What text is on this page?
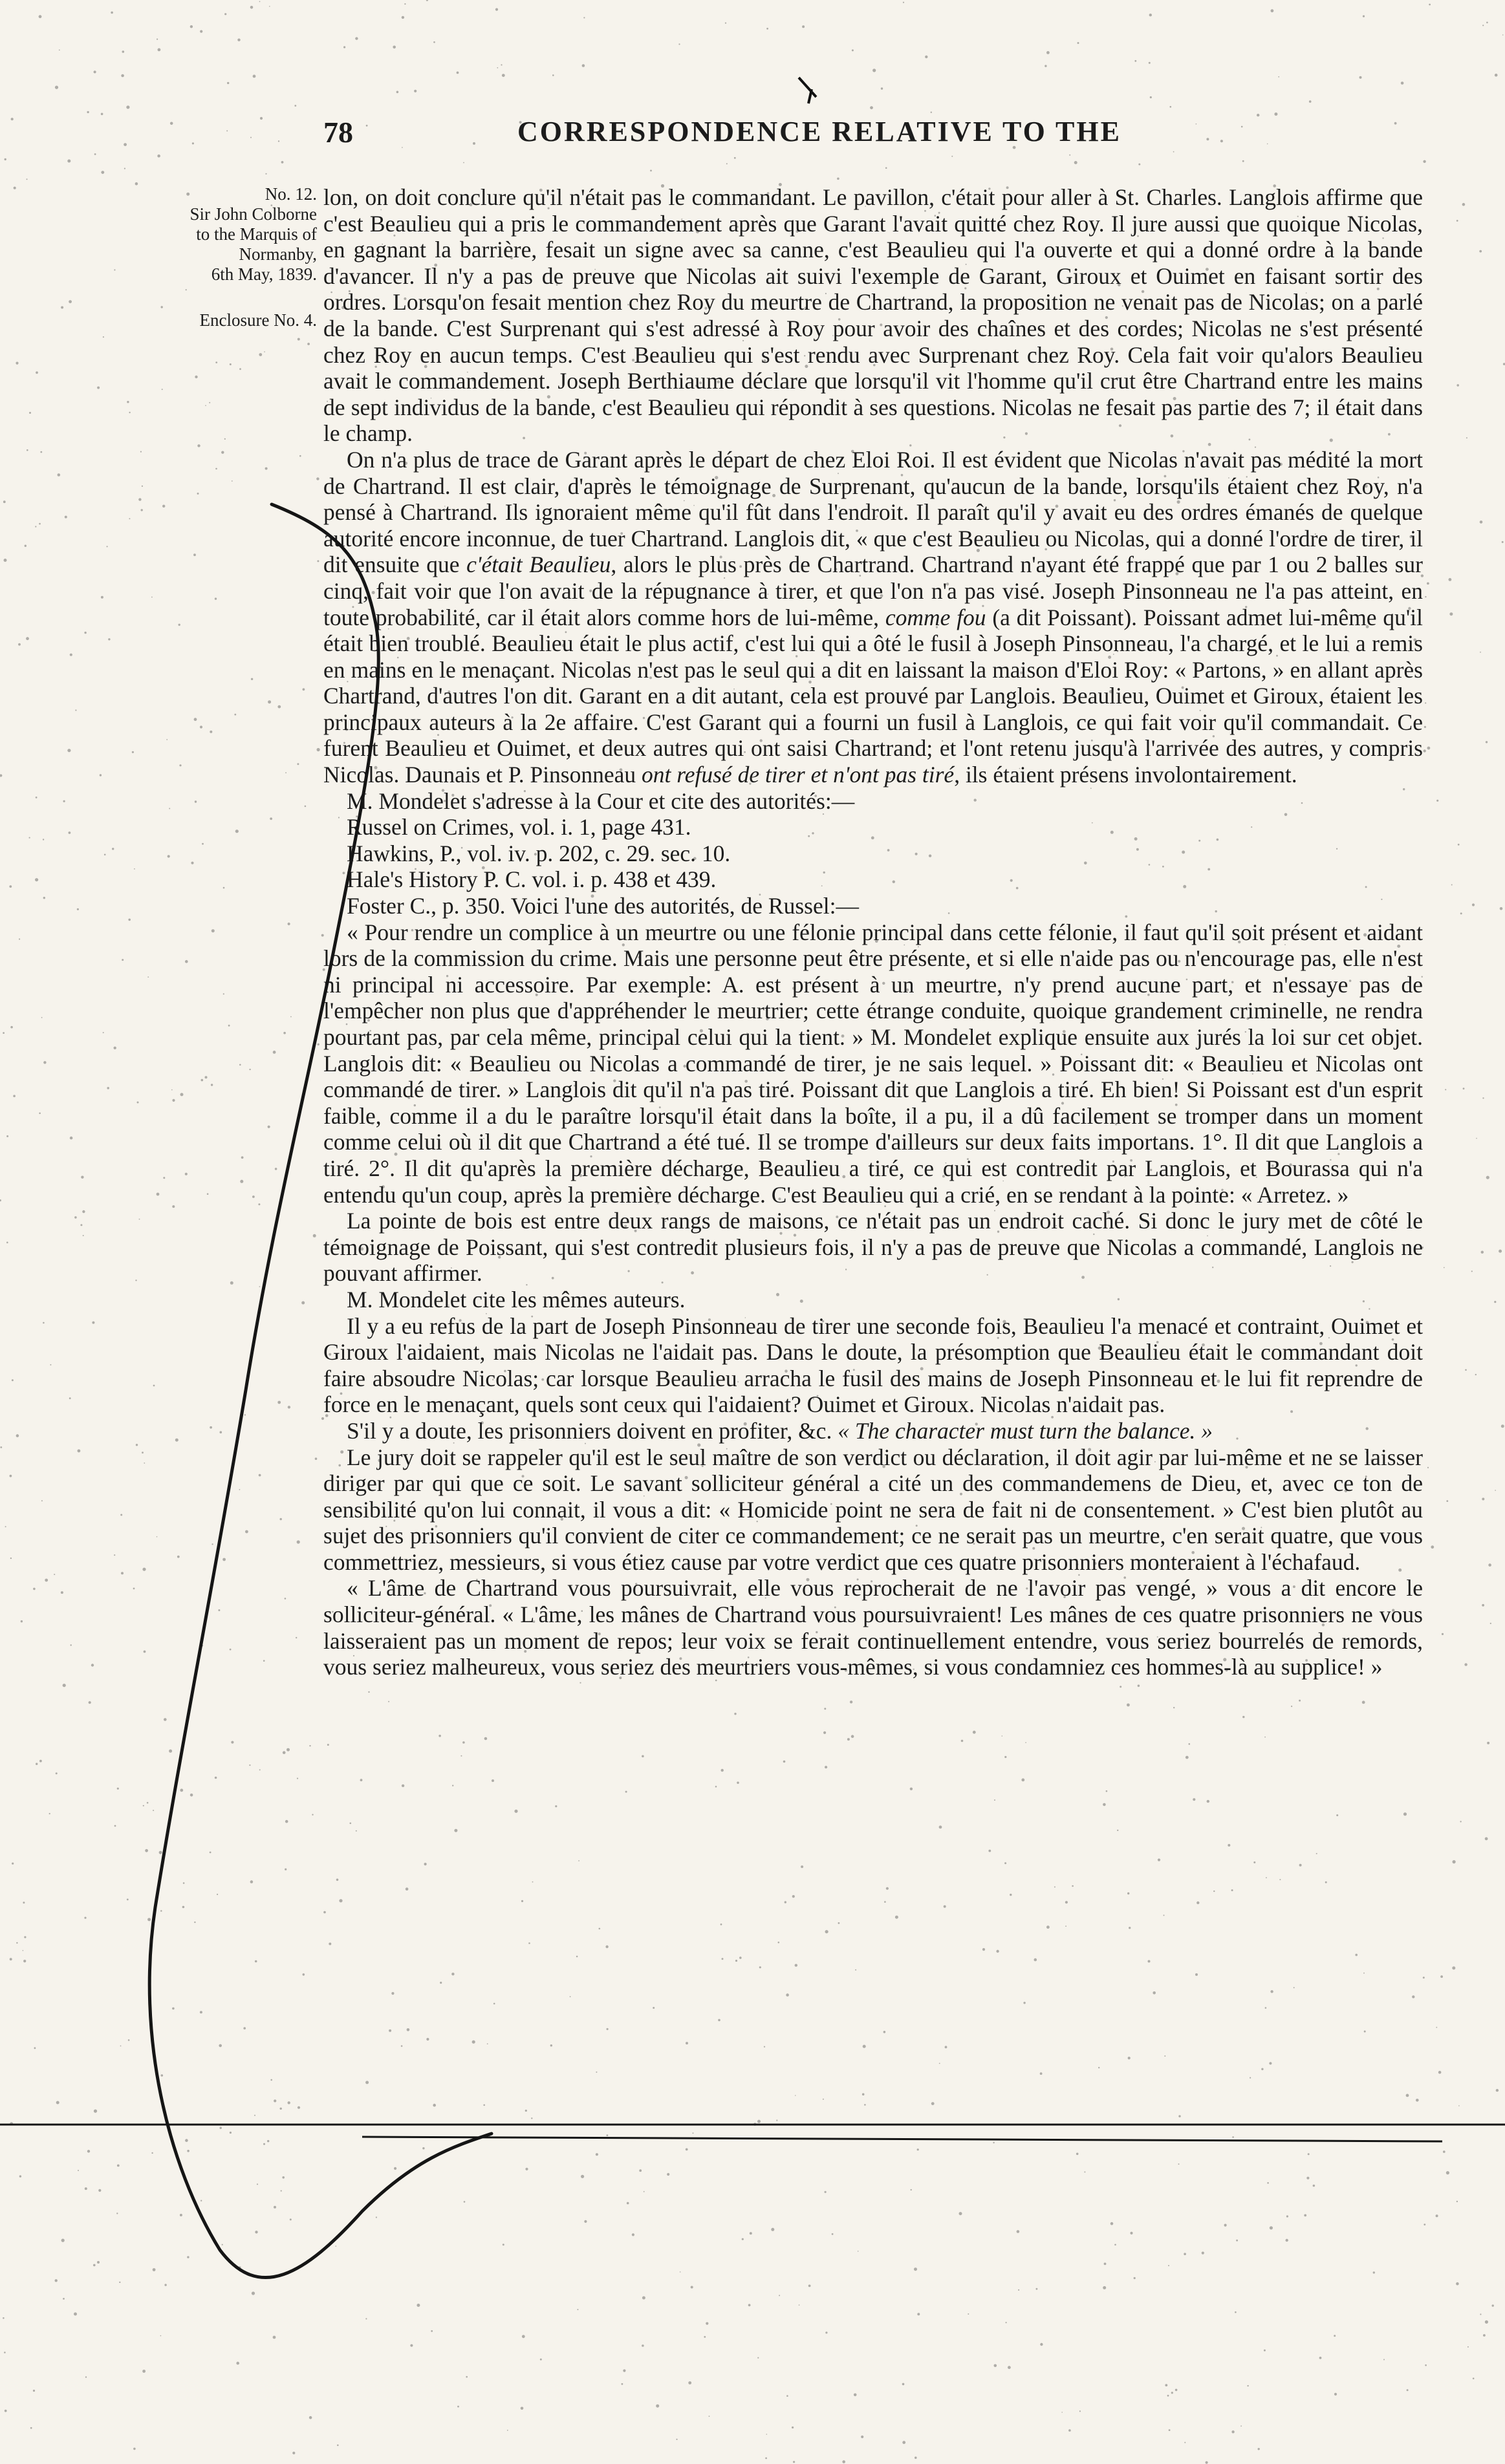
78	CORRESPONDENCE RELATIVE TO THE
No. 12.
Sir John Colborne
to the Marquis of
Normanby,
6th May, 1839.
Enclosure No. 4.

lon, on doit conclure qu'il n'était pas le commandant. Le pavillon, c'était pour aller à St. Charles. Langlois affirme que c'est Beaulieu qui a pris le commandement après que Garant l'avait quitté chez Roy. Il jure aussi que quoique Nicolas, en gagnant la barrière, fesait un signe avec sa canne, c'est Beaulieu qui l'a ouverte et qui a donné ordre à la bande d'avancer. Il n'y a pas de preuve que Nicolas ait suivi l'exemple de Garant, Giroux et Ouimet en faisant sortir des ordres. Lorsqu'on fesait mention chez Roy du meurtre de Chartrand, la proposition ne venait pas de Nicolas; on a parlé de la bande. C'est Surprenant qui s'est adressé à Roy pour avoir des chaînes et des cordes; Nicolas ne s'est présenté chez Roy en aucun temps. C'est Beaulieu qui s'est rendu avec Surprenant chez Roy. Cela fait voir qu'alors Beaulieu avait le commandement. Joseph Berthiaume déclare que lorsqu'il vit l'homme qu'il crut être Chartrand entre les mains de sept individus de la bande, c'est Beaulieu qui répondit à ses questions. Nicolas ne fesait pas partie des 7; il était dans le champ.

On n'a plus de trace de Garant après le départ de chez Eloi Roi. Il est évident que Nicolas n'avait pas médité la mort de Chartrand. Il est clair, d'après le témoignage de Surprenant, qu'aucun de la bande, lorsqu'ils étaient chez Roy, n'a pensé à Chartrand. Ils ignoraient même qu'il fût dans l'endroit. Il paraît qu'il y avait eu des ordres émanés de quelque autorité encore inconnue, de tuer Chartrand. Langlois dit, « que c'est Beaulieu ou Nicolas, qui a donné l'ordre de tirer, il dit ensuite que c'était Beaulieu, alors le plus près de Chartrand. Chartrand n'ayant été frappé que par 1 ou 2 balles sur cinq, fait voir que l'on avait de la répugnance à tirer, et que l'on n'a pas visé. Joseph Pinsonneau ne l'a pas atteint, en toute probabilité, car il était alors comme hors de lui-même, comme fou (a dit Poissant). Poissant admet lui-même qu'il était bien troublé. Beaulieu était le plus actif, c'est lui qui a ôté le fusil à Joseph Pinsonneau, l'a chargé, et le lui a remis en mains en le menaçant. Nicolas n'est pas le seul qui a dit en laissant la maison d'Eloi Roy: « Partons, » en allant après Chartrand, d'autres l'on dit. Garant en a dit autant, cela est prouvé par Langlois. Beaulieu, Ouimet et Giroux, étaient les principaux auteurs à la 2e affaire. C'est Garant qui a fourni un fusil à Langlois, ce qui fait voir qu'il commandait. Ce furent Beaulieu et Ouimet, et deux autres qui ont saisi Chartrand; et l'ont retenu jusqu'à l'arrivée des autres, y compris Nicolas. Daunais et P. Pinsonneau ont refusé de tirer et n'ont pas tiré, ils étaient présens involontairement.

M. Mondelet s'adresse à la Cour et cite des autorités:—

Russel on Crimes, vol. i. 1, page 431.

Hawkins, P., vol. iv. p. 202, c. 29. sec. 10.

Hale's History P. C. vol. i. p. 438 et 439.

Foster C., p. 350. Voici l'une des autorités, de Russel:—

« Pour rendre un complice à un meurtre ou une félonie principal dans cette félonie, il faut qu'il soit présent et aidant lors de la commission du crime. Mais une personne peut être présente, et si elle n'aide pas ou n'encourage pas, elle n'est ni principal ni accessoire. Par exemple: A. est présent à un meurtre, n'y prend aucune part, et n'essaye pas de l'empêcher non plus que d'appréhender le meurtrier; cette étrange conduite, quoique grandement criminelle, ne rendra pourtant pas, par cela même, principal celui qui la tient. » M. Mondelet explique ensuite aux jurés la loi sur cet objet. Langlois dit: « Beaulieu ou Nicolas a commandé de tirer, je ne sais lequel. » Poissant dit: « Beaulieu et Nicolas ont commandé de tirer. » Langlois dit qu'il n'a pas tiré. Poissant dit que Langlois a tiré. Eh bien! Si Poissant est d'un esprit faible, comme il a du le paraître lorsqu'il était dans la boîte, il a pu, il a dû facilement se tromper dans un moment comme celui où il dit que Chartrand a été tué. Il se trompe d'ailleurs sur deux faits importans. 1°. Il dit que Langlois a tiré. 2°. Il dit qu'après la première décharge, Beaulieu a tiré, ce qui est contredit par Langlois, et Bourassa qui n'a entendu qu'un coup, après la première décharge. C'est Beaulieu qui a crié, en se rendant à la pointe: « Arretez. »

La pointe de bois est entre deux rangs de maisons, ce n'était pas un endroit caché. Si donc le jury met de côté le témoignage de Poissant, qui s'est contredit plusieurs fois, il n'y a pas de preuve que Nicolas a commandé, Langlois ne pouvant affirmer.

M. Mondelet cite les mêmes auteurs.

Il y a eu refus de la part de Joseph Pinsonneau de tirer une seconde fois, Beaulieu l'a menacé et contraint, Ouimet et Giroux l'aidaient, mais Nicolas ne l'aidait pas. Dans le doute, la présomption que Beaulieu était le commandant doit faire absoudre Nicolas; car lorsque Beaulieu arracha le fusil des mains de Joseph Pinsonneau et le lui fit reprendre de force en le menaçant, quels sont ceux qui l'aidaient? Ouimet et Giroux. Nicolas n'aidait pas.

S'il y a doute, les prisonniers doivent en profiter, &c. « The character must turn the balance. »

Le jury doit se rappeler qu'il est le seul maître de son verdict ou déclaration, il doit agir par lui-même et ne se laisser diriger par qui que ce soit. Le savant solliciteur général a cité un des commandemens de Dieu, et, avec ce ton de sensibilité qu'on lui connait, il vous a dit: « Homicide point ne sera de fait ni de consentement. » C'est bien plutôt au sujet des prisonniers qu'il convient de citer ce commandement; ce ne serait pas un meurtre, c'en serait quatre, que vous commettriez, messieurs, si vous étiez cause par votre verdict que ces quatre prisonniers monteraient à l'échafaud.

« L'âme de Chartrand vous poursuivrait, elle vous reprocherait de ne l'avoir pas vengé, » vous a dit encore le solliciteur-général. « L'âme, les mânes de Chartrand vous poursuivraient! Les mânes de ces quatre prisonniers ne vous laisseraient pas un moment de repos; leur voix se ferait continuellement entendre, vous seriez bourrelés de remords, vous seriez malheureux, vous seriez des meurtriers vous-mêmes, si vous condamniez ces hommes-là au supplice! »
